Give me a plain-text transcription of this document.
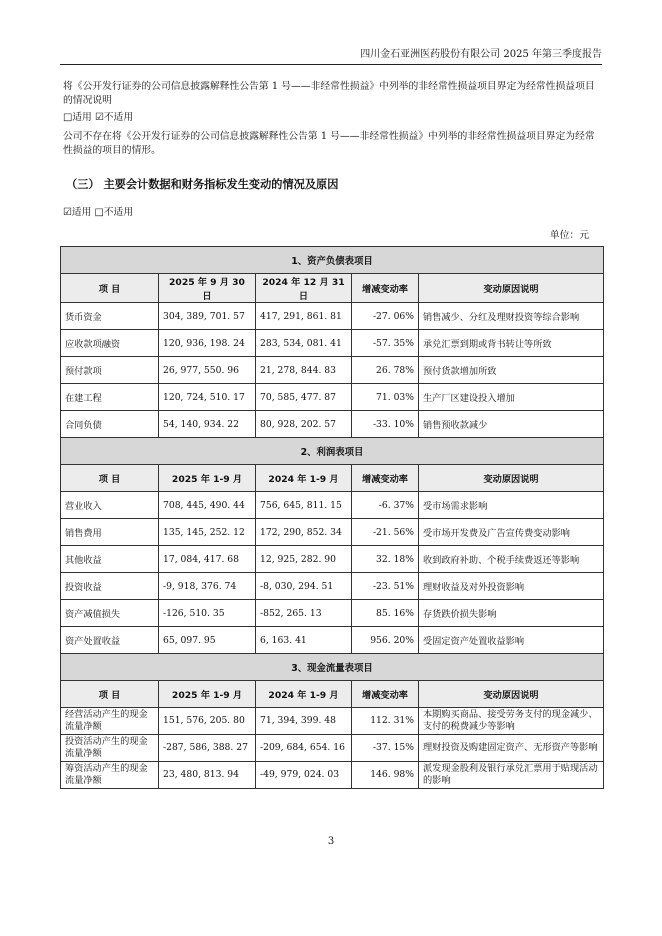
四川金石亚洲医药股份有限公司 2025 年第三季度报告
将《公开发行证券的公司信息披露解释性公告第 1 号——非经常性损益》中列举的非经常性损益项目界定为经常性损益项目的情况说明
□适用 ☑不适用
公司不存在将《公开发行证券的公司信息披露解释性公告第 1 号——非经常性损益》中列举的非经常性损益项目界定为经常性损益的项目的情形。
（三） 主要会计数据和财务指标发生变动的情况及原因
☑适用 □不适用
单位：元
1、资产负债表项目				
项 目	2025 年 9 月 30 日	2024 年 12 月 31 日	增减变动率	变动原因说明
货币资金	304, 389, 701. 57	417, 291, 861. 81	-27. 06%	销售减少、分红及理财投资等综合影响
应收款项融资	120, 936, 198. 24	283, 534, 081. 41	-57. 35%	承兑汇票到期或背书转让等所致
预付款项	26, 977, 550. 96	21, 278, 844. 83	26. 78%	预付货款增加所致
在建工程	120, 724, 510. 17	70, 585, 477. 87	71. 03%	生产厂区建设投入增加
合同负债	54, 140, 934. 22	80, 928, 202. 57	-33. 10%	销售预收款减少
2、利润表项目				
项 目	2025 年 1-9 月	2024 年 1-9 月	增减变动率	变动原因说明
营业收入	708, 445, 490. 44	756, 645, 811. 15	-6. 37%	受市场需求影响
销售费用	135, 145, 252. 12	172, 290, 852. 34	-21. 56%	受市场开发费及广告宣传费变动影响
其他收益	17, 084, 417. 68	12, 925, 282. 90	32. 18%	收到政府补助、个税手续费返还等影响
投资收益	-9, 918, 376. 74	-8, 030, 294. 51	-23. 51%	理财收益及对外投资影响
资产减值损失	-126, 510. 35	-852, 265. 13	85. 16%	存货跌价损失影响
资产处置收益	65, 097. 95	6, 163. 41	956. 20%	受固定资产处置收益影响
3、现金流量表项目				
项 目	2025 年 1-9 月	2024 年 1-9 月	增减变动率	变动原因说明
经营活动产生的现金流量净额	151, 576, 205. 80	71, 394, 399. 48	112. 31%	本期购买商品、接受劳务支付的现金减少、支付的税费减少等影响
投资活动产生的现金流量净额	-287, 586, 388. 27	-209, 684, 654. 16	-37. 15%	理财投资及购建固定资产、无形资产等影响
筹资活动产生的现金流量净额	23, 480, 813. 94	-49, 979, 024. 03	146. 98%	派发现金股利及银行承兑汇票用于贴现活动的影响
3
